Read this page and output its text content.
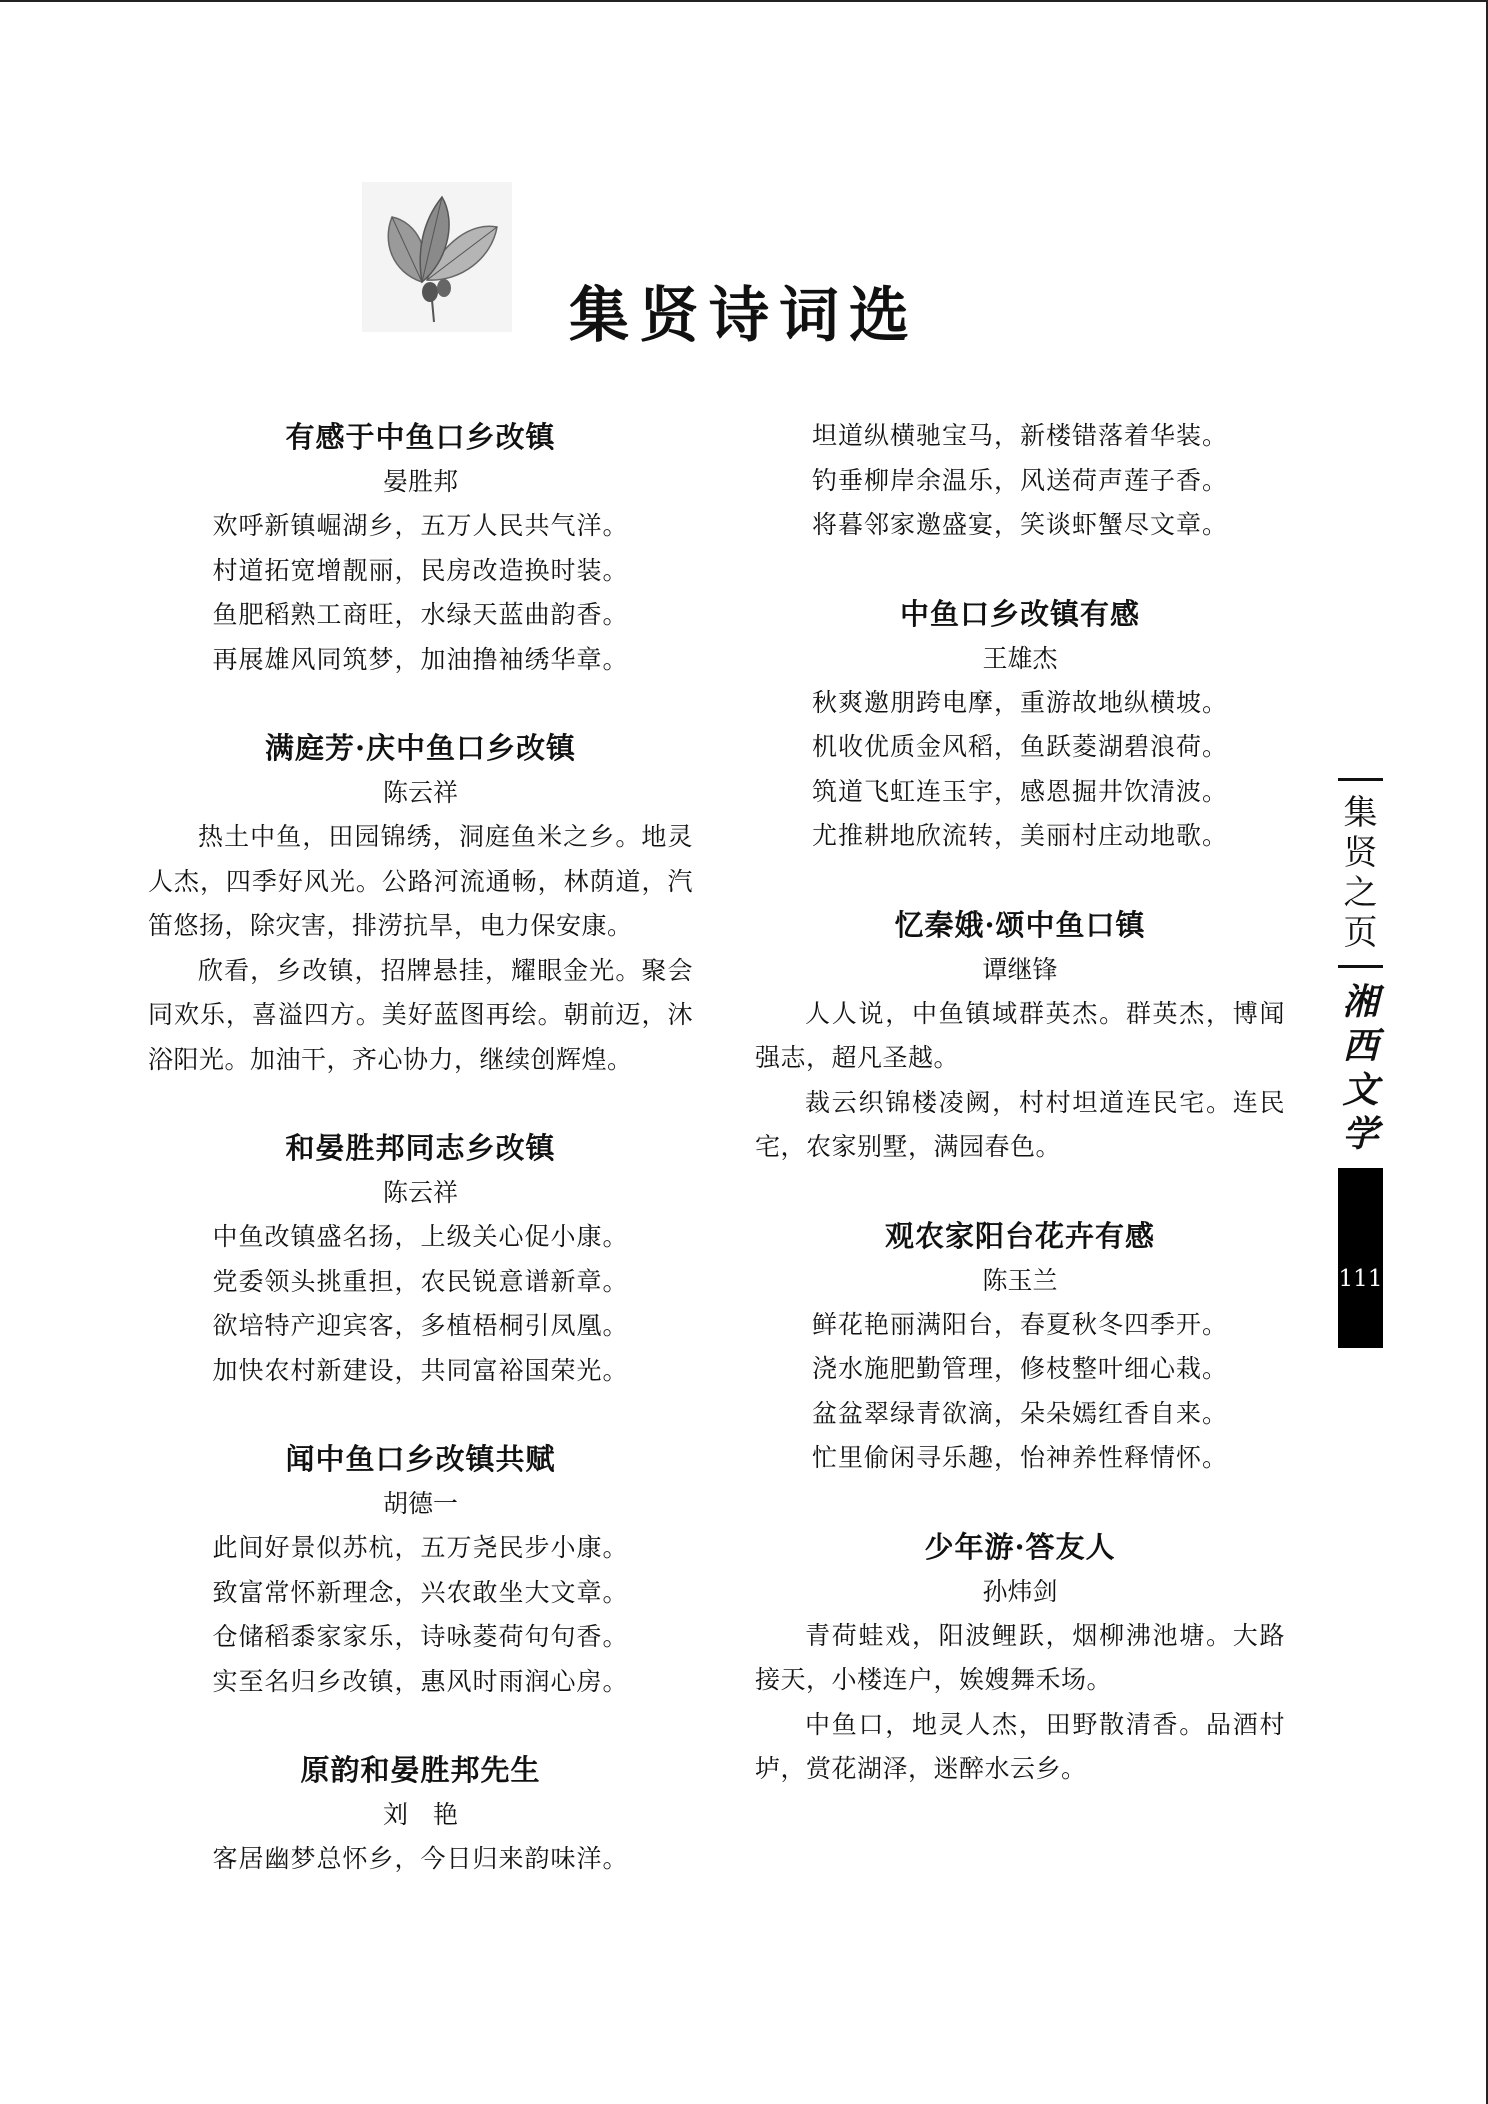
集贤诗词选
有感于中鱼口乡改镇
晏胜邦
欢呼新镇崛湖乡，五万人民共气洋。
村道拓宽增靓丽，民房改造换时装。
鱼肥稻熟工商旺，水绿天蓝曲韵香。
再展雄风同筑梦，加油撸袖绣华章。
满庭芳·庆中鱼口乡改镇
陈云祥
热土中鱼，田园锦绣，洞庭鱼米之乡。地灵人杰，四季好风光。公路河流通畅，林荫道，汽笛悠扬，除灾害，排涝抗旱，电力保安康。
欣看，乡改镇，招牌悬挂，耀眼金光。聚会同欢乐，喜溢四方。美好蓝图再绘。朝前迈，沐浴阳光。加油干，齐心协力，继续创辉煌。
和晏胜邦同志乡改镇
陈云祥
中鱼改镇盛名扬，上级关心促小康。
党委领头挑重担，农民锐意谱新章。
欲培特产迎宾客，多植梧桐引凤凰。
加快农村新建设，共同富裕国荣光。
闻中鱼口乡改镇共赋
胡德一
此间好景似苏杭，五万尧民步小康。
致富常怀新理念，兴农敢坐大文章。
仓储稻黍家家乐，诗咏菱荷句句香。
实至名归乡改镇，惠风时雨润心房。
原韵和晏胜邦先生
刘　艳
客居幽梦总怀乡，今日归来韵味洋。
坦道纵横驰宝马，新楼错落着华装。
钓垂柳岸余温乐，风送荷声莲子香。
将暮邻家邀盛宴，笑谈虾蟹尽文章。
中鱼口乡改镇有感
王雄杰
秋爽邀朋跨电摩，重游故地纵横坡。
机收优质金风稻，鱼跃菱湖碧浪荷。
筑道飞虹连玉宇，感恩掘井饮清波。
尤推耕地欣流转，美丽村庄动地歌。
忆秦娥·颂中鱼口镇
谭继锋
人人说，中鱼镇域群英杰。群英杰，博闻强志，超凡圣越。
裁云织锦楼凌阙，村村坦道连民宅。连民宅，农家别墅，满园春色。
观农家阳台花卉有感
陈玉兰
鲜花艳丽满阳台，春夏秋冬四季开。
浇水施肥勤管理，修枝整叶细心栽。
盆盆翠绿青欲滴，朵朵嫣红香自来。
忙里偷闲寻乐趣，怡神养性释情怀。
少年游·答友人
孙炜剑
青荷蛙戏，阳波鲤跃，烟柳沸池塘。大路接天，小楼连户，娭嫂舞禾场。
中鱼口，地灵人杰，田野散清香。品酒村垆，赏花湖泽，迷醉水云乡。
集
贤
之
页
湘
西
文
学
111
